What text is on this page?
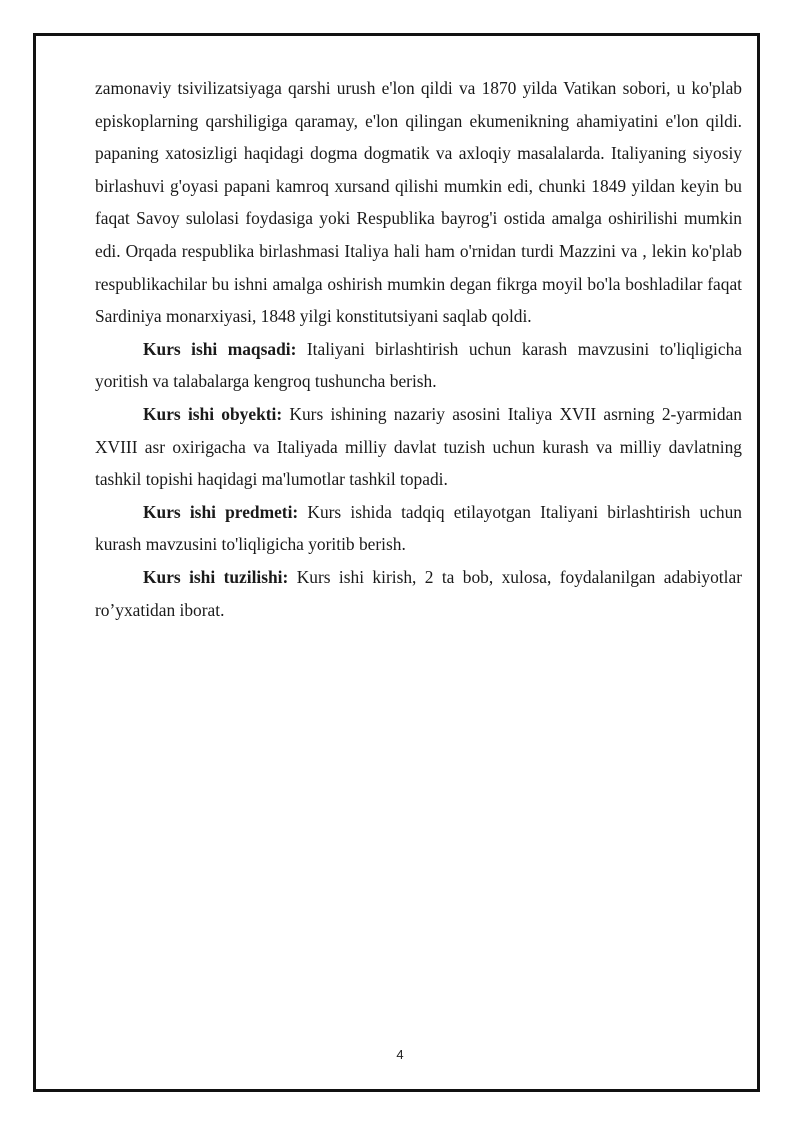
zamonaviy tsivilizatsiyaga qarshi urush e'lon qildi va 1870 yilda Vatikan sobori, u ko'plab episkoplarning qarshiligiga qaramay, e'lon qilingan ekumenikning ahamiyatini e'lon qildi. papaning xatosizligi haqidagi dogma dogmatik va axloqiy masalalarda. Italiyaning siyosiy birlashuvi g'oyasi papani kamroq xursand qilishi mumkin edi, chunki 1849 yildan keyin bu faqat Savoy sulolasi foydasiga yoki Respublika bayrog'i ostida amalga oshirilishi mumkin edi. Orqada respublika birlashmasi Italiya hali ham o'rnidan turdi Mazzini va , lekin ko'plab respublikachilar bu ishni amalga oshirish mumkin degan fikrga moyil bo'la boshladilar faqat Sardiniya monarxiyasi, 1848 yilgi konstitutsiyani saqlab qoldi.

Kurs ishi maqsadi: Italiyani birlashtirish uchun karash mavzusini to'liqligicha yoritish va talabalarga kengroq tushuncha berish.

Kurs ishi obyekti: Kurs ishining nazariy asosini Italiya XVII asrning 2-yarmidan XVIII asr oxirigacha va Italiyada milliy davlat tuzish uchun kurash va milliy davlatning tashkil topishi haqidagi ma'lumotlar tashkil topadi.

Kurs ishi predmeti: Kurs ishida tadqiq etilayotgan Italiyani birlashtirish uchun kurash mavzusini to'liqligicha yoritib berish.

Kurs ishi tuzilishi: Kurs ishi kirish, 2 ta bob, xulosa, foydalanilgan adabiyotlar ro’yxatidan iborat.

4
